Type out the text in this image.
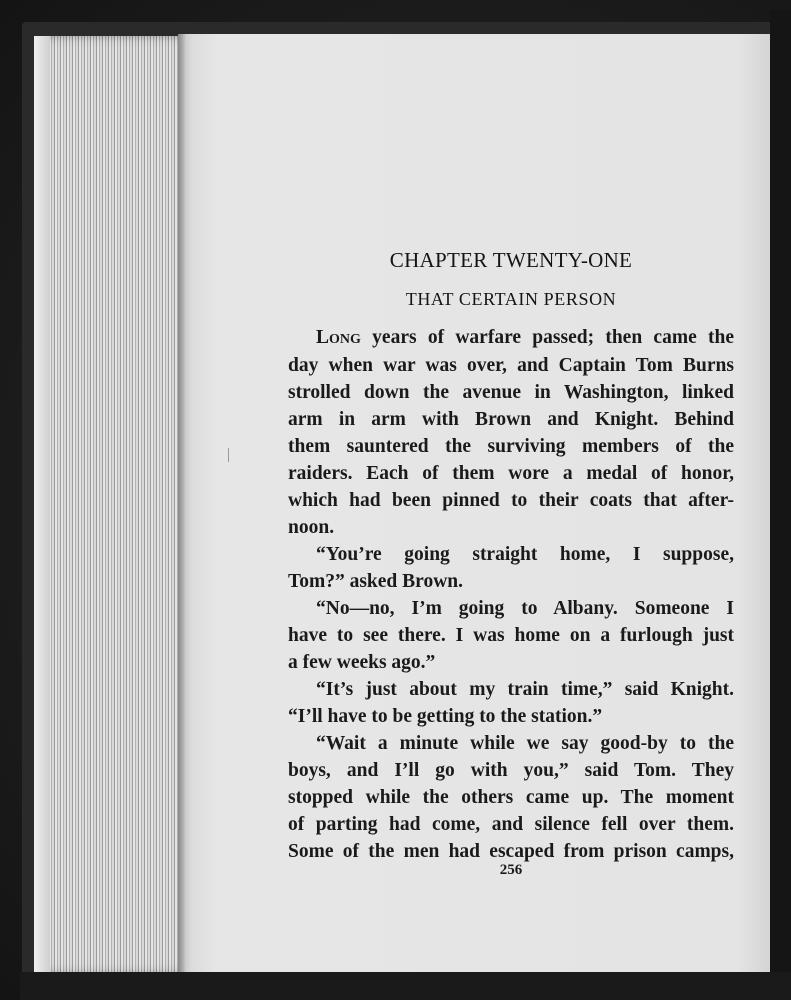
CHAPTER TWENTY-ONE
THAT CERTAIN PERSON
Long years of warfare passed; then came the
day when war was over, and Captain Tom Burns
strolled down the avenue in Washington, linked
arm in arm with Brown and Knight. Behind
them sauntered the surviving members of the
raiders. Each of them wore a medal of honor,
which had been pinned to their coats that after-
noon.
“You’re going straight home, I suppose,
Tom?” asked Brown.
“No—no, I’m going to Albany. Someone I
have to see there. I was home on a furlough just
a few weeks ago.”
“It’s just about my train time,” said Knight.
“I’ll have to be getting to the station.”
“Wait a minute while we say good-by to the
boys, and I’ll go with you,” said Tom. They
stopped while the others came up. The moment
of parting had come, and silence fell over them.
Some of the men had escaped from prison camps,
256
